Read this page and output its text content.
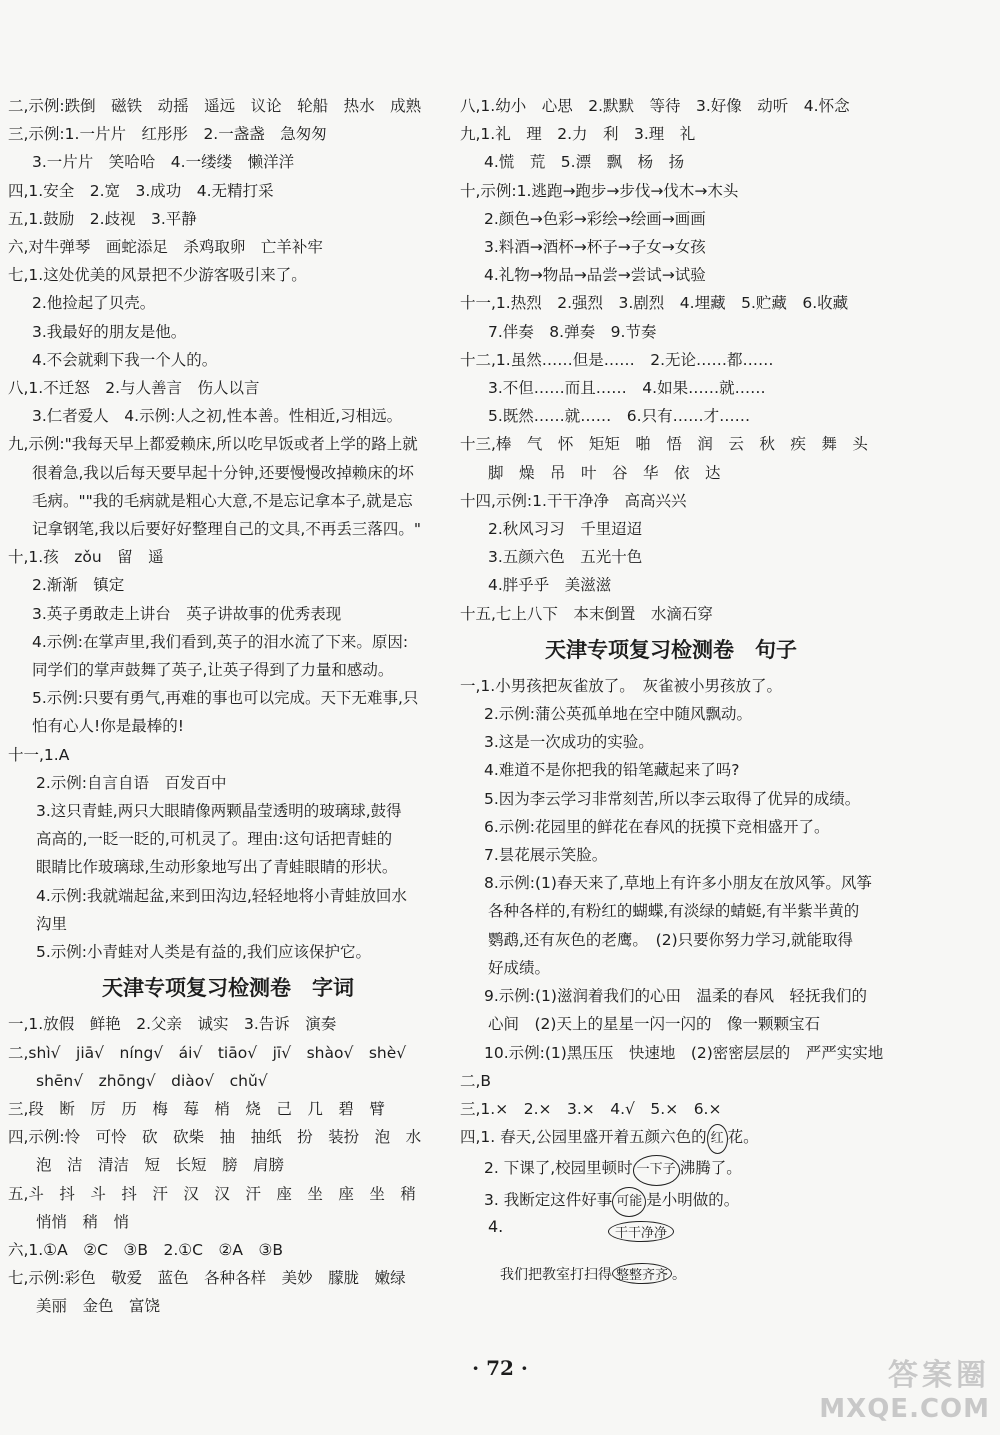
二,示例:跌倒　磁铁　动摇　遥远　议论　轮船　热水　成熟
三,示例:1.一片片　红彤彤　2.一盏盏　急匆匆
3.一片片　笑哈哈　4.一缕缕　懒洋洋
四,1.安全　2.宽　3.成功　4.无精打采
五,1.鼓励　2.歧视　3.平静
六,对牛弹琴　画蛇添足　杀鸡取卵　亡羊补牢
七,1.这处优美的风景把不少游客吸引来了。
2.他捡起了贝壳。
3.我最好的朋友是他。
4.不会就剩下我一个人的。
八,1.不迁怒　2.与人善言　伤人以言
3.仁者爱人　4.示例:人之初,性本善。性相近,习相远。
九,示例:"我每天早上都爱赖床,所以吃早饭或者上学的路上就
很着急,我以后每天要早起十分钟,还要慢慢改掉赖床的坏
毛病。""我的毛病就是粗心大意,不是忘记拿本子,就是忘
记拿钢笔,我以后要好好整理自己的文具,不再丢三落四。"
十,1.孩　zǒu　留　遥
2.渐渐　镇定
3.英子勇敢走上讲台　英子讲故事的优秀表现
4.示例:在掌声里,我们看到,英子的泪水流了下来。原因:
同学们的掌声鼓舞了英子,让英子得到了力量和感动。
5.示例:只要有勇气,再难的事也可以完成。天下无难事,只
怕有心人!你是最棒的!
十一,1.A
2.示例:自言自语　百发百中
3.这只青蛙,两只大眼睛像两颗晶莹透明的玻璃球,鼓得
高高的,一眨一眨的,可机灵了。理由:这句话把青蛙的
眼睛比作玻璃球,生动形象地写出了青蛙眼睛的形状。
4.示例:我就端起盆,来到田沟边,轻轻地将小青蛙放回水
沟里
5.示例:小青蛙对人类是有益的,我们应该保护它。
天津专项复习检测卷　字词
一,1.放假　鲜艳　2.父亲　诚实　3.告诉　演奏
二,shì√　jiā√　níng√　ái√　tiāo√　jī√　shào√　shè√
shēn√　zhōng√　diào√　chǔ√
三,段　断　厉　历　梅　莓　梢　烧　己　几　碧　臂
四,示例:怜　可怜　砍　砍柴　抽　抽纸　扮　装扮　泡　水
泡　洁　清洁　短　长短　膀　肩膀
五,斗　抖　斗　抖　汗　汉　汉　汗　座　坐　座　坐　稍
悄悄　稍　悄
六,1.①A　②C　③B　2.①C　②A　③B
七,示例:彩色　敬爱　蓝色　各种各样　美妙　朦胧　嫩绿
美丽　金色　富饶
八,1.幼小　心思　2.默默　等待　3.好像　动听　4.怀念
九,1.礼　理　2.力　利　3.理　礼
4.慌　荒　5.漂　飘　杨　扬
十,示例:1.逃跑→跑步→步伐→伐木→木头
2.颜色→色彩→彩绘→绘画→画画
3.料酒→酒杯→杯子→子女→女孩
4.礼物→物品→品尝→尝试→试验
十一,1.热烈　2.强烈　3.剧烈　4.埋藏　5.贮藏　6.收藏
7.伴奏　8.弹奏　9.节奏
十二,1.虽然……但是……　2.无论……都……
3.不但……而且……　4.如果……就……
5.既然……就……　6.只有……才……
十三,棒　气　怀　矩矩　啪　悟　润　云　秋　疾　舞　头
脚　燥　吊　叶　谷　华　依　达
十四,示例:1.干干净净　高高兴兴
2.秋风习习　千里迢迢
3.五颜六色　五光十色
4.胖乎乎　美滋滋
十五,七上八下　本末倒置　水滴石穿
天津专项复习检测卷　句子
一,1.小男孩把灰雀放了。　灰雀被小男孩放了。
2.示例:蒲公英孤单地在空中随风飘动。
3.这是一次成功的实验。
4.难道不是你把我的铅笔藏起来了吗?
5.因为李云学习非常刻苦,所以李云取得了优异的成绩。
6.示例:花园里的鲜花在春风的抚摸下竞相盛开了。
7.昙花展示笑脸。
8.示例:(1)春天来了,草地上有许多小朋友在放风筝。风筝
各种各样的,有粉红的蝴蝶,有淡绿的蜻蜓,有半紫半黄的
鹦鹉,还有灰色的老鹰。　(2)只要你努力学习,就能取得
好成绩。
9.示例:(1)滋润着我们的心田　温柔的春风　轻抚我们的
心间　(2)天上的星星一闪一闪的　像一颗颗宝石
10.示例:(1)黑压压　快速地　(2)密密层层的　严严实实地
二,B
三,1.×　2.×　3.×　4.√　5.×　6.×
四,1. 春天,公园里盛开着五颜六色的 红 花。
2. 下课了,校园里顿时 一下子 沸腾了。
3. 我断定这件好事 可能 是小明做的。
4.	干干净净
我们把教室打扫得 整整齐齐 。
· 72 ·	答案圈
MXQE.COM
